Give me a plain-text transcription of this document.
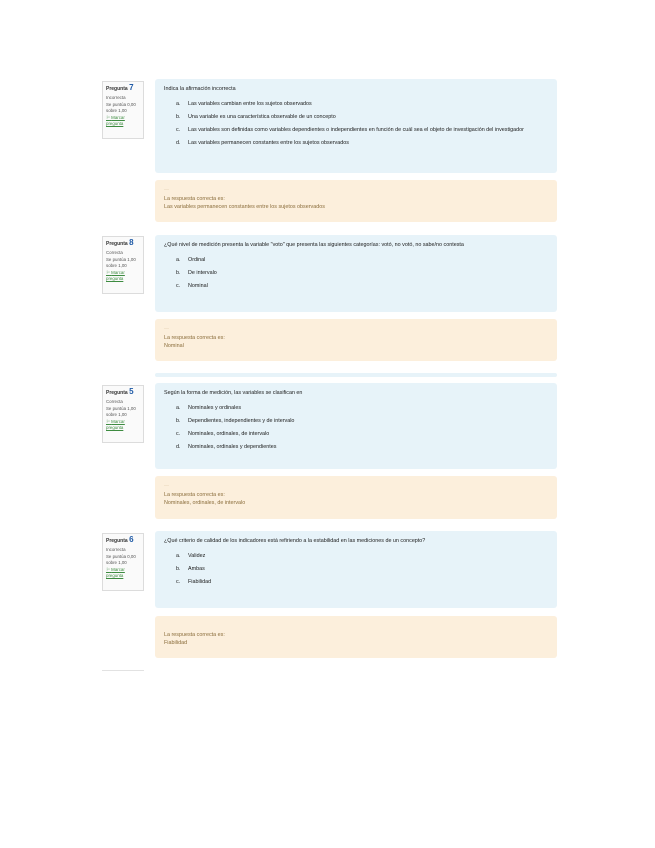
Pregunta 7
Incorrecta
Se puntúa 0,00 sobre 1,00
⚐ Marcar pregunta
Indica la afirmación incorrecta
a.	Las variables cambian entre los sujetos observados
b.	Una variable es una característica observable de un concepto
c.	Las variables son definidas como variables dependientes o independientes en función de cuál sea el objeto de investigación del investigador
d.	Las variables permanecen constantes entre los sujetos observados
⁓
La respuesta correcta es:
Las variables permanecen constantes entre los sujetos observados
Pregunta 8
Correcta
Se puntúa 1,00 sobre 1,00
⚐ Marcar pregunta
¿Qué nivel de medición presenta la variable "voto" que presenta las siguientes categorías: votó, no votó, no sabe/no contesta
a.	Ordinal
b.	De intervalo
c.	Nominal
⁓
La respuesta correcta es:
Nominal
Pregunta 5
Correcta
Se puntúa 1,00 sobre 1,00
⚐ Marcar pregunta
Según la forma de medición, las variables se clasifican en
a.	Nominales y ordinales
b.	Dependientes, independientes y de intervalo
c.	Nominales, ordinales, de intervalo
d.	Nominales, ordinales y dependientes
⁓
La respuesta correcta es:
Nominales, ordinales, de intervalo
Pregunta 6
Incorrecta
Se puntúa 0,00 sobre 1,00
⚐ Marcar pregunta
¿Qué criterio de calidad de los indicadores está refiriendo a la estabilidad en las mediciones de un concepto?
a.	Validez
b.	Ambas
c.	Fiabilidad
La respuesta correcta es:
Fiabilidad
